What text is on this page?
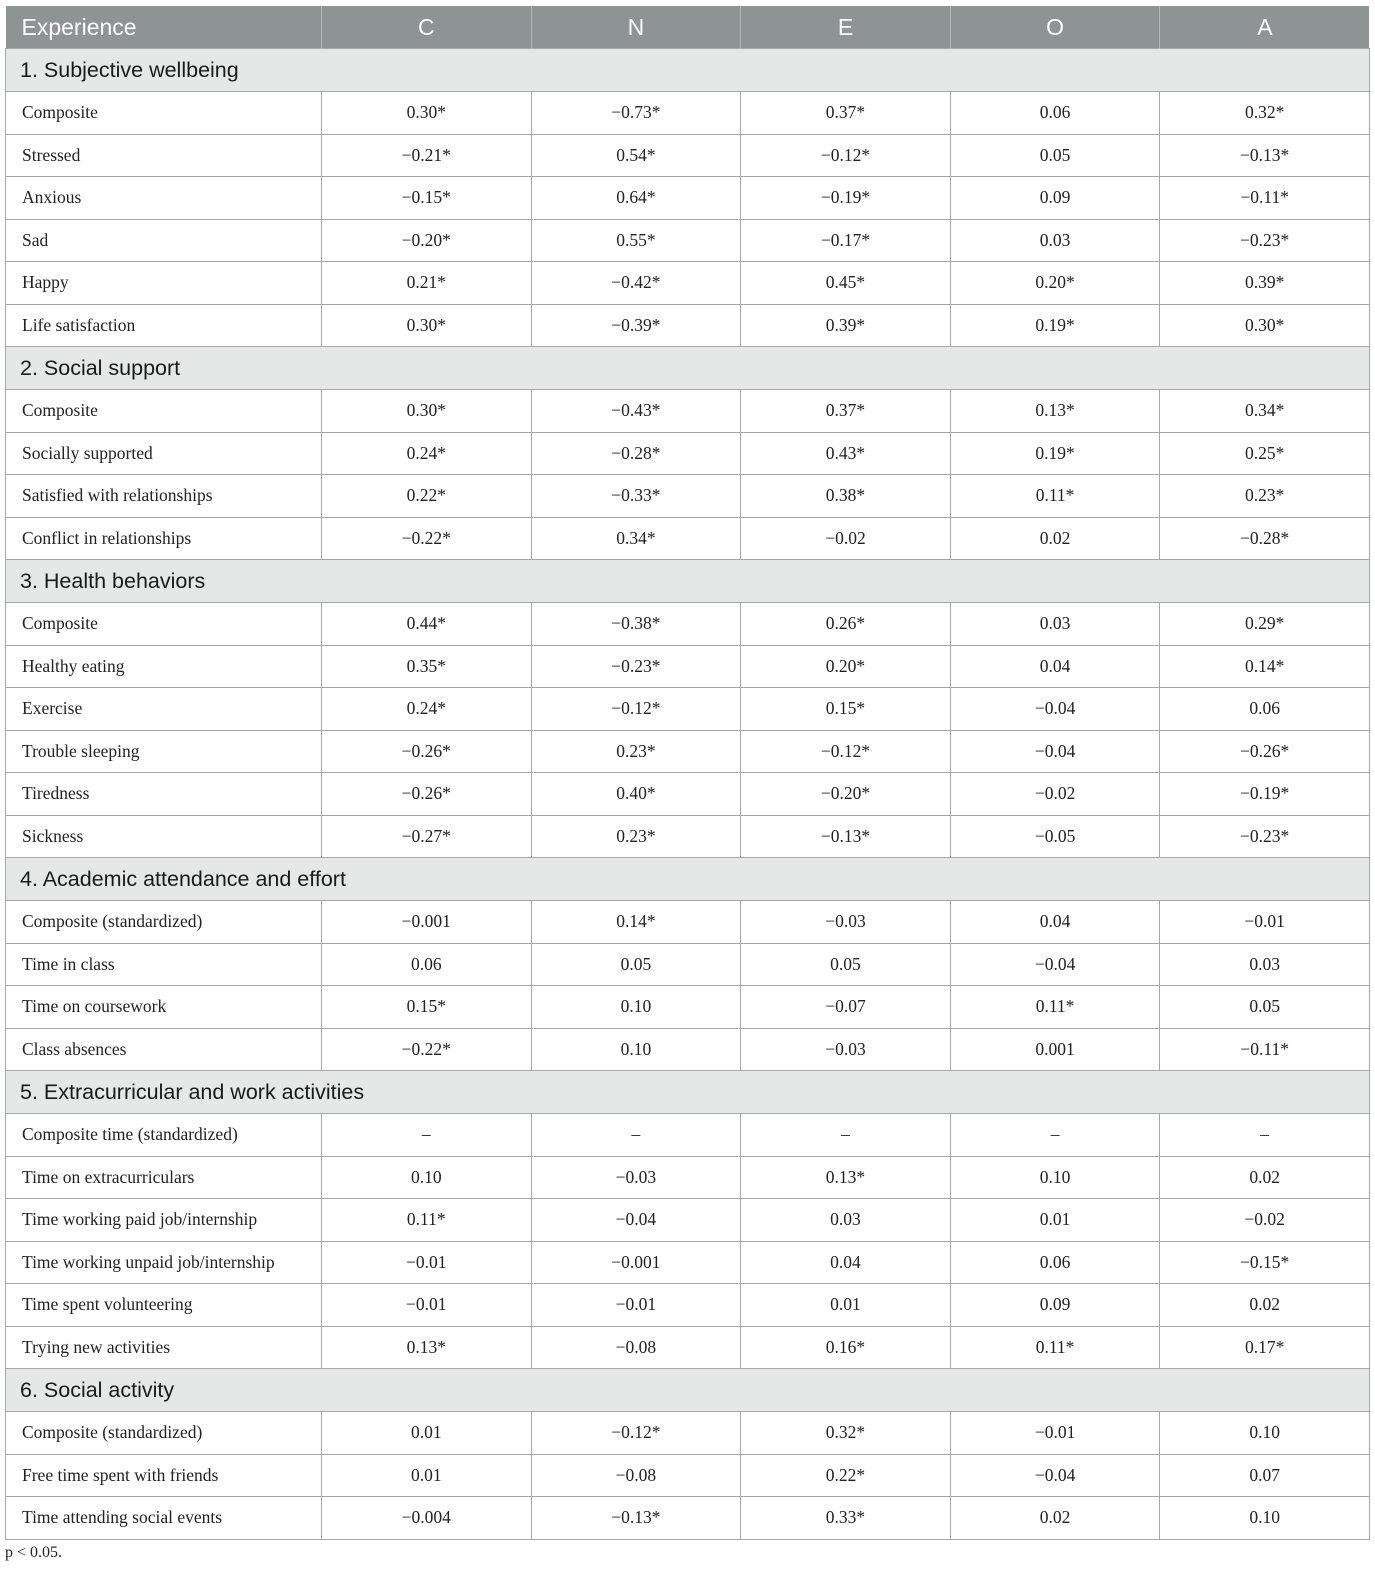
Experience	C	N	E	O	A
1. Subjective wellbeing					
Composite	0.30*	−0.73*	0.37*	0.06	0.32*
Stressed	−0.21*	0.54*	−0.12*	0.05	−0.13*
Anxious	−0.15*	0.64*	−0.19*	0.09	−0.11*
Sad	−0.20*	0.55*	−0.17*	0.03	−0.23*
Happy	0.21*	−0.42*	0.45*	0.20*	0.39*
Life satisfaction	0.30*	−0.39*	0.39*	0.19*	0.30*
2. Social support					
Composite	0.30*	−0.43*	0.37*	0.13*	0.34*
Socially supported	0.24*	−0.28*	0.43*	0.19*	0.25*
Satisfied with relationships	0.22*	−0.33*	0.38*	0.11*	0.23*
Conflict in relationships	−0.22*	0.34*	−0.02	0.02	−0.28*
3. Health behaviors					
Composite	0.44*	−0.38*	0.26*	0.03	0.29*
Healthy eating	0.35*	−0.23*	0.20*	0.04	0.14*
Exercise	0.24*	−0.12*	0.15*	−0.04	0.06
Trouble sleeping	−0.26*	0.23*	−0.12*	−0.04	−0.26*
Tiredness	−0.26*	0.40*	−0.20*	−0.02	−0.19*
Sickness	−0.27*	0.23*	−0.13*	−0.05	−0.23*
4. Academic attendance and effort					
Composite (standardized)	−0.001	0.14*	−0.03	0.04	−0.01
Time in class	0.06	0.05	0.05	−0.04	0.03
Time on coursework	0.15*	0.10	−0.07	0.11*	0.05
Class absences	−0.22*	0.10	−0.03	0.001	−0.11*
5. Extracurricular and work activities					
Composite time (standardized)	–	–	–	–	–
Time on extracurriculars	0.10	−0.03	0.13*	0.10	0.02
Time working paid job/internship	0.11*	−0.04	0.03	0.01	−0.02
Time working unpaid job/internship	−0.01	−0.001	0.04	0.06	−0.15*
Time spent volunteering	−0.01	−0.01	0.01	0.09	0.02
Trying new activities	0.13*	−0.08	0.16*	0.11*	0.17*
6. Social activity					
Composite (standardized)	0.01	−0.12*	0.32*	−0.01	0.10
Free time spent with friends	0.01	−0.08	0.22*	−0.04	0.07
Time attending social events	−0.004	−0.13*	0.33*	0.02	0.10
p < 0.05.
